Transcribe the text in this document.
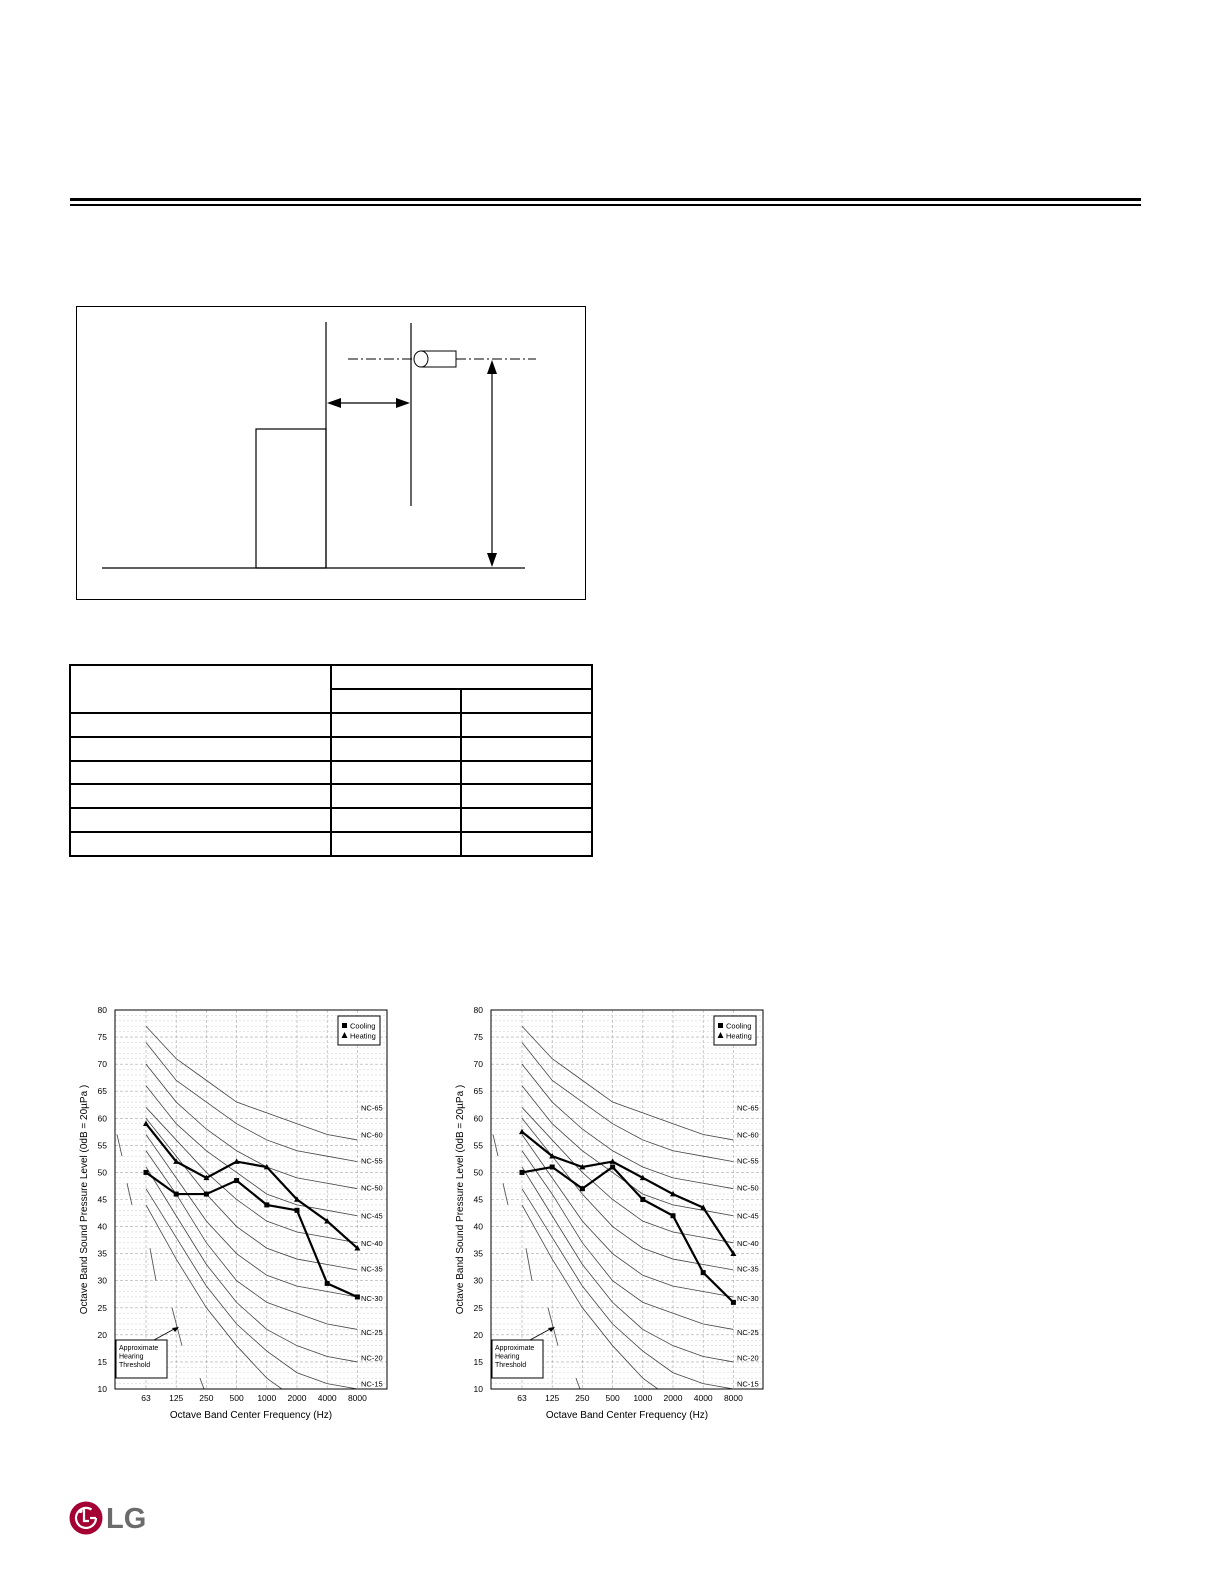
NC-65
NC-60
NC-55
NC-50
NC-45
NC-40
NC-35
NC-30
NC-25
NC-20
NC-15
10
15
20
25
30
35
40
45
50
55
60
65
70
75
80
63 125 250 500 1000 2000 4000 8000
Octave Band Center Frequency (Hz)
Octave Band Sound Pressure Level (0dB = 20µPa )
Cooling
Heating
Approximate
Hearing
Threshold
NC-65
NC-60
NC-55
NC-50
NC-45
NC-40
NC-35
NC-30
NC-25
NC-20
NC-15
10
15
20
25
30
35
40
45
50
55
60
65
70
75
80
63 125 250 500 1000 2000 4000 8000
Octave Band Center Frequency (Hz)
Octave Band Sound Pressure Level (0dB = 20µPa )
Cooling
Heating
Approximate
Hearing
Threshold
LG
